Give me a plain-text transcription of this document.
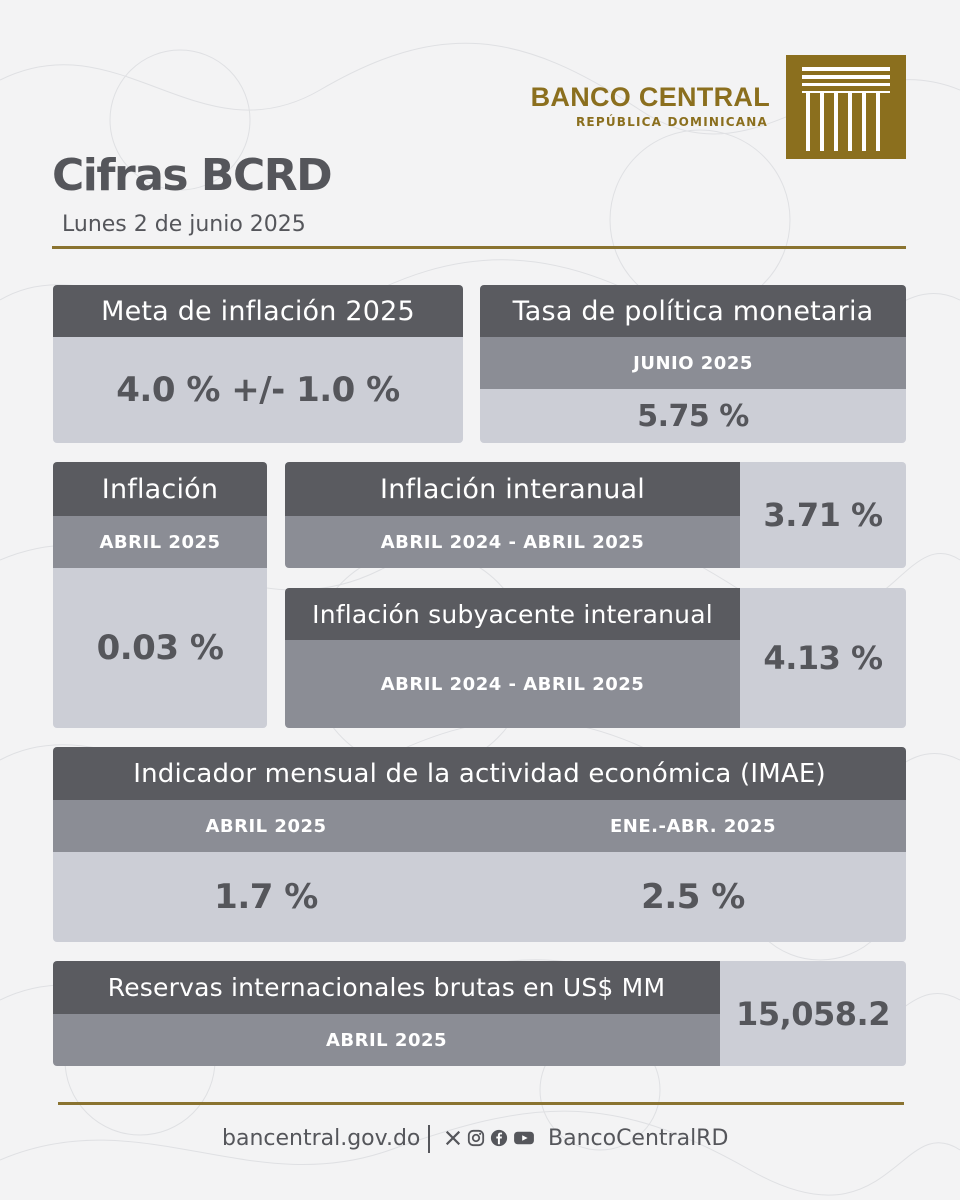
BANCO CENTRAL
REPÚBLICA DOMINICANA
Cifras BCRD
Lunes 2 de junio 2025
Meta de inflación 2025
4.0 % +/- 1.0 %
Tasa de política monetaria
JUNIO 2025
5.75 %
Inflación
ABRIL 2025
0.03 %
Inflación interanual
ABRIL 2024 - ABRIL 2025
3.71 %
Inflación subyacente interanual
ABRIL 2024 - ABRIL 2025
4.13 %
Indicador mensual de la actividad económica (IMAE)
ABRIL 2025	ENE.-ABR. 2025
1.7 %	2.5 %
Reservas internacionales brutas en US$ MM
ABRIL 2025
15,058.2
bancentral.gov.do	BancoCentralRD
